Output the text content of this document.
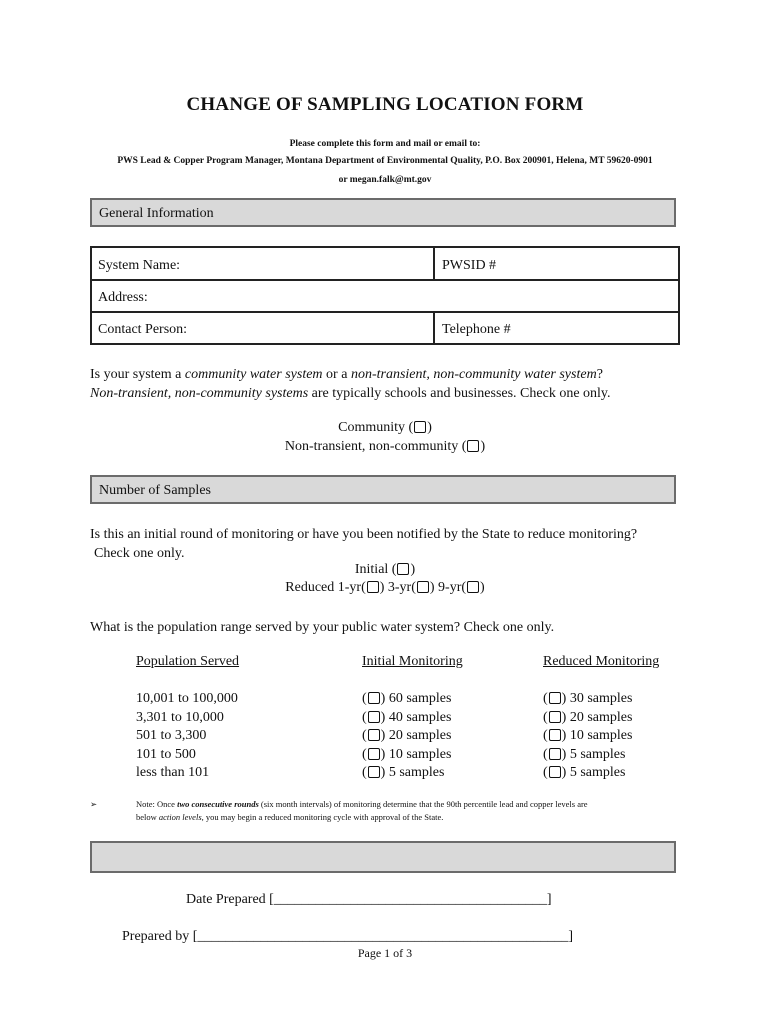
CHANGE OF SAMPLING LOCATION FORM
Please complete this form and mail or email to:
PWS Lead & Copper Program Manager, Montana Department of Environmental Quality, P.O. Box 200901, Helena, MT 59620-0901
or megan.falk@mt.gov
General Information
System Name:	PWSID #
Address:
Contact Person:	Telephone #
Is your system a community water system or a non-transient, non-community water system?
Non-transient, non-community systems are typically schools and businesses. Check one only.
Community ( )
Non-transient, non-community ( )
Number of Samples
Is this an initial round of monitoring or have you been notified by the State to reduce monitoring?
Check one only.
Initial ( )
Reduced 1-yr( ) 3-yr( ) 9-yr( )
What is the population range served by your public water system? Check one only.
Population Served	Initial Monitoring	Reduced Monitoring
10,001 to 100,000	( ) 60 samples	( ) 30 samples
3,301 to 10,000	( ) 40 samples	( ) 20 samples
501 to 3,300	( ) 20 samples	( ) 10 samples
101 to 500	( ) 10 samples	( ) 5 samples
less than 101	( ) 5 samples	( ) 5 samples
➢	Note: Once two consecutive rounds (six month intervals) of monitoring determine that the 90th percentile lead and copper levels are
below action levels, you may begin a reduced monitoring cycle with approval of the State.
Date Prepared [_______________________________________]
Prepared by [_____________________________________________________]
Page 1 of 3
